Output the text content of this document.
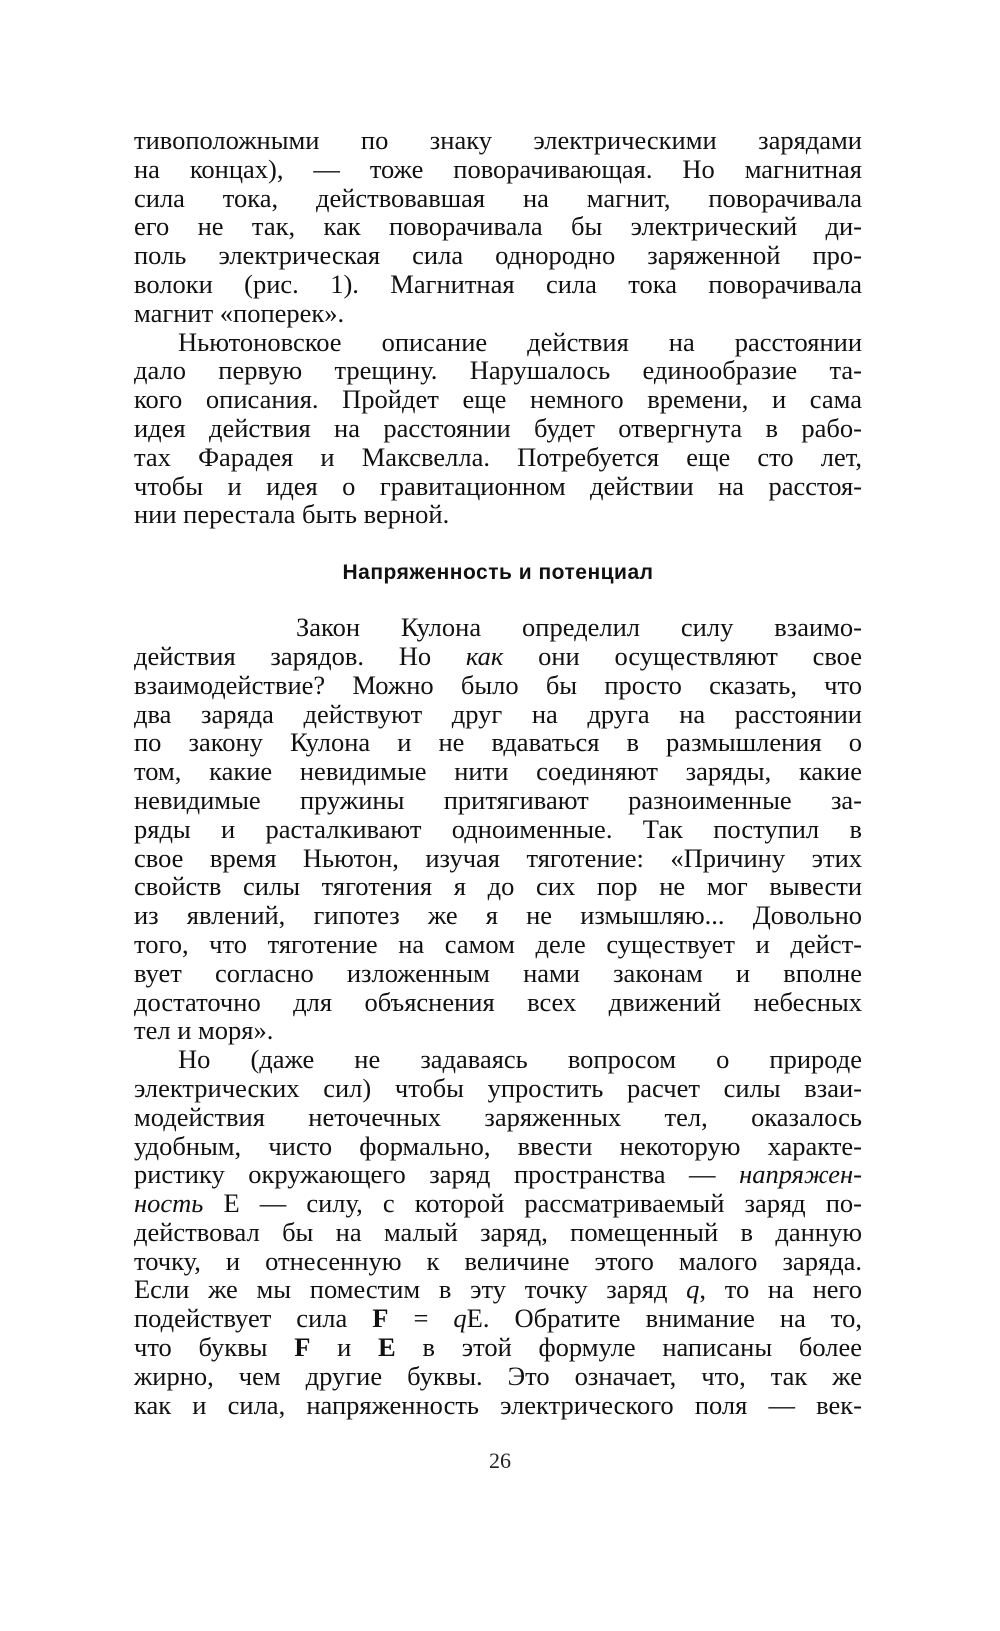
тивоположными по знаку электрическими зарядами
на концах), — тоже поворачивающая. Но магнитная
сила тока, действовавшая на магнит, поворачивала
его не так, как поворачивала бы электрический ди-
поль электрическая сила однородно заряженной про-
волоки (рис. 1). Магнитная сила тока поворачивала
магнит «поперек».
Ньютоновское описание действия на расстоянии
дало первую трещину. Нарушалось единообразие та-
кого описания. Пройдет еще немного времени, и сама
идея действия на расстоянии будет отвергнута в рабо-
тах Фарадея и Максвелла. Потребуется еще сто лет,
чтобы и идея о гравитационном действии на расстоя-
нии перестала быть верной.
Напряженность и потенциал
Закон Кулона определил силу взаимо-
действия зарядов. Но как они осуществляют свое
взаимодействие? Можно было бы просто сказать, что
два заряда действуют друг на друга на расстоянии
по закону Кулона и не вдаваться в размышления о
том, какие невидимые нити соединяют заряды, какие
невидимые пружины притягивают разноименные за-
ряды и расталкивают одноименные. Так поступил в
свое время Ньютон, изучая тяготение: «Причину этих
свойств силы тяготения я до сих пор не мог вывести
из явлений, гипотез же я не измышляю... Довольно
того, что тяготение на самом деле существует и дейст-
вует согласно изложенным нами законам и вполне
достаточно для объяснения всех движений небесных
тел и моря».
Но (даже не задаваясь вопросом о природе
электрических сил) чтобы упростить расчет силы взаи-
модействия неточечных заряженных тел, оказалось
удобным, чисто формально, ввести некоторую характе-
ристику окружающего заряд пространства — напряжен-
ность Е — силу, с которой рассматриваемый заряд по-
действовал бы на малый заряд, помещенный в данную
точку, и отнесенную к величине этого малого заряда.
Если же мы поместим в эту точку заряд q, то на него
подействует сила F = qЕ. Обратите внимание на то,
что буквы F и Е в этой формуле написаны более
жирно, чем другие буквы. Это означает, что, так же
как и сила, напряженность электрического поля — век-
26
